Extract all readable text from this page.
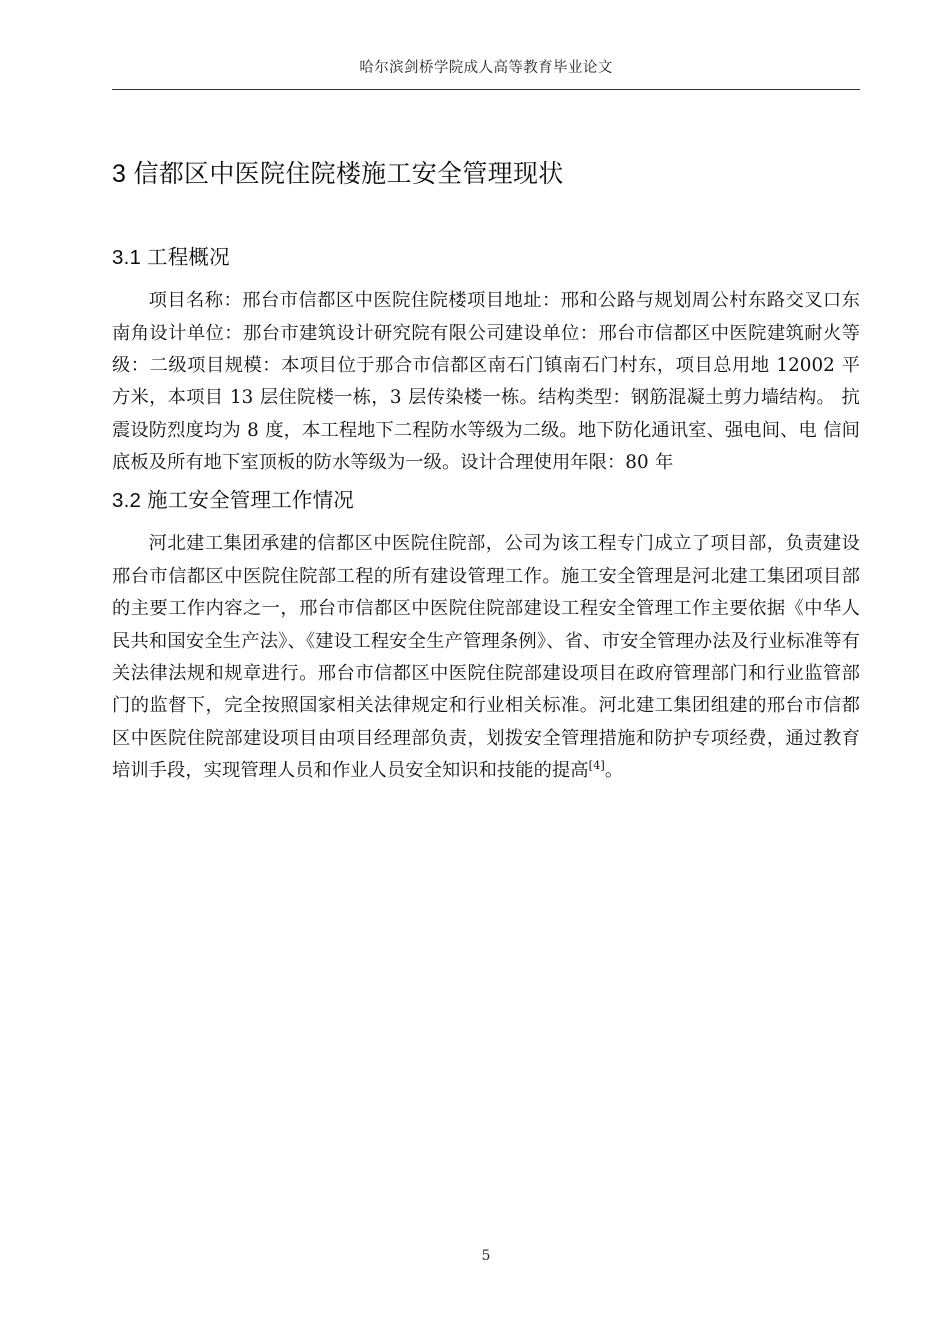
哈尔滨剑桥学院成人高等教育毕业论文
3 信都区中医院住院楼施工安全管理现状
3.1 工程概况

项目名称：邢台市信都区中医院住院楼项目地址：邢和公路与规划周公村东路交叉口东南角设计单位：那台市建筑设计研究院有限公司建设单位：邢台市信都区中医院建筑耐火等级：二级项目规模：本项目位于那合市信都区南石门镇南石门村东，项目总用地 12002 平方米，本项目 13 层住院楼一栋，3 层传染楼一栋。结构类型：钢筋混凝土剪力墙结构。 抗震设防烈度均为 8 度，本工程地下二程防水等级为二级。地下防化通讯室、强电间、电 信间底板及所有地下室顶板的防水等级为一级。设计合理使用年限：80 年

3.2 施工安全管理工作情况

河北建工集团承建的信都区中医院住院部，公司为该工程专门成立了项目部，负责建设邢台市信都区中医院住院部工程的所有建设管理工作。施工安全管理是河北建工集团项目部的主要工作内容之一，邢台市信都区中医院住院部建设工程安全管理工作主要依据《中华人民共和国安全生产法》、《建设工程安全生产管理条例》、省、市安全管理办法及行业标准等有关法律法规和规章进行。邢台市信都区中医院住院部建设项目在政府管理部门和行业监管部门的监督下，完全按照国家相关法律规定和行业相关标准。河北建工集团组建的邢台市信都区中医院住院部建设项目由项目经理部负责，划拨安全管理措施和防护专项经费，通过教育培训手段，实现管理人员和作业人员安全知识和技能的提高[4]。

5
